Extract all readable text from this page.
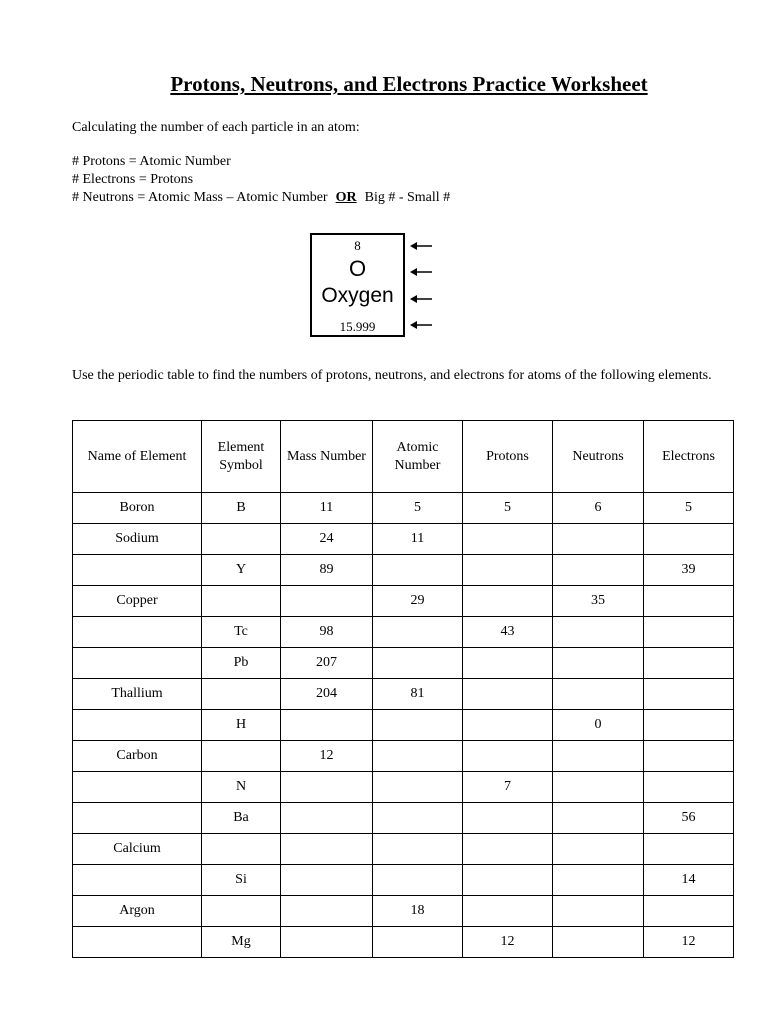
Protons, Neutrons, and Electrons Practice Worksheet
Calculating the number of each particle in an atom:
# Protons = Atomic Number
# Electrons = Protons
# Neutrons = Atomic Mass – Atomic Number OR Big # - Small #
8
O
Oxygen
15.999
Use the periodic table to find the numbers of protons, neutrons, and electrons for atoms of the following elements.
Name of Element	Element Symbol	Mass Number	Atomic Number	Protons	Neutrons	Electrons
Boron	B	11	5	5	6	5
Sodium		24	11			
	Y	89				39
Copper			29		35	
	Tc	98		43		
	Pb	207				
Thallium		204	81			
	H				0	
Carbon		12				
	N			7		
	Ba					56
Calcium						
	Si					14
Argon			18			
	Mg			12		12
